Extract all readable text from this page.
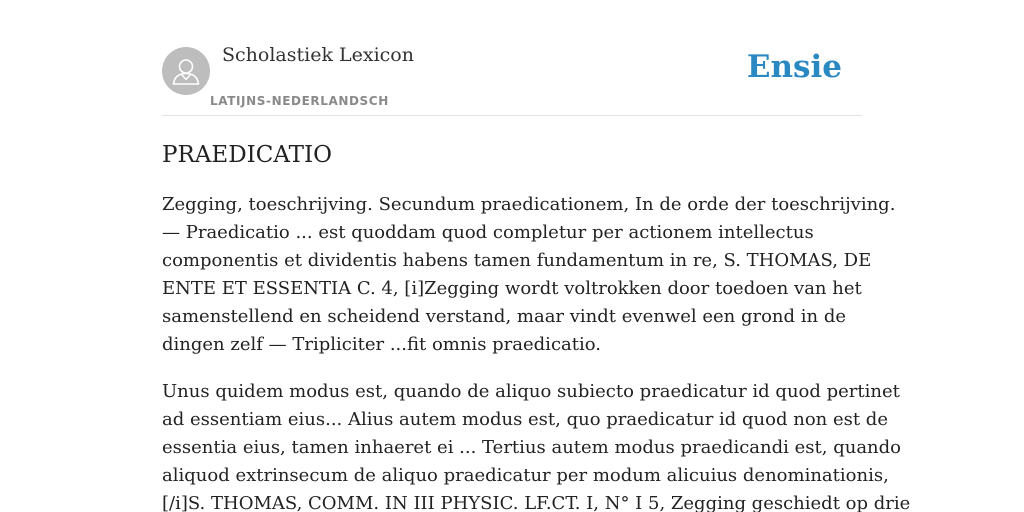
Scholastiek Lexicon
LATIJNS-NEDERLANDSCH
Ensie
PRAEDICATIO

Zegging, toeschrijving. Secundum praedicationem, In de orde der toeschrijving.
— Praedicatio ... est quoddam quod completur per actionem intellectus
componentis et dividentis habens tamen fundamentum in re, S. THOMAS, DE
ENTE ET ESSENTIA C. 4, [i]Zegging wordt voltrokken door toedoen van het
samenstellend en scheidend verstand, maar vindt evenwel een grond in de
dingen zelf — Tripliciter ...fit omnis praedicatio.

Unus quidem modus est, quando de aliquo subiecto praedicatur id quod pertinet
ad essentiam eius... Alius autem modus est, quo praedicatur id quod non est de
essentia eius, tamen inhaeret ei ... Tertius autem modus praedicandi est, quando
aliquod extrinsecum de aliquo praedicatur per modum alicuius denominationis,
[/i]S. THOMAS, COMM. IN III PHYSIC. LF.CT. I, N° I 5, Zegging geschiedt op drie
